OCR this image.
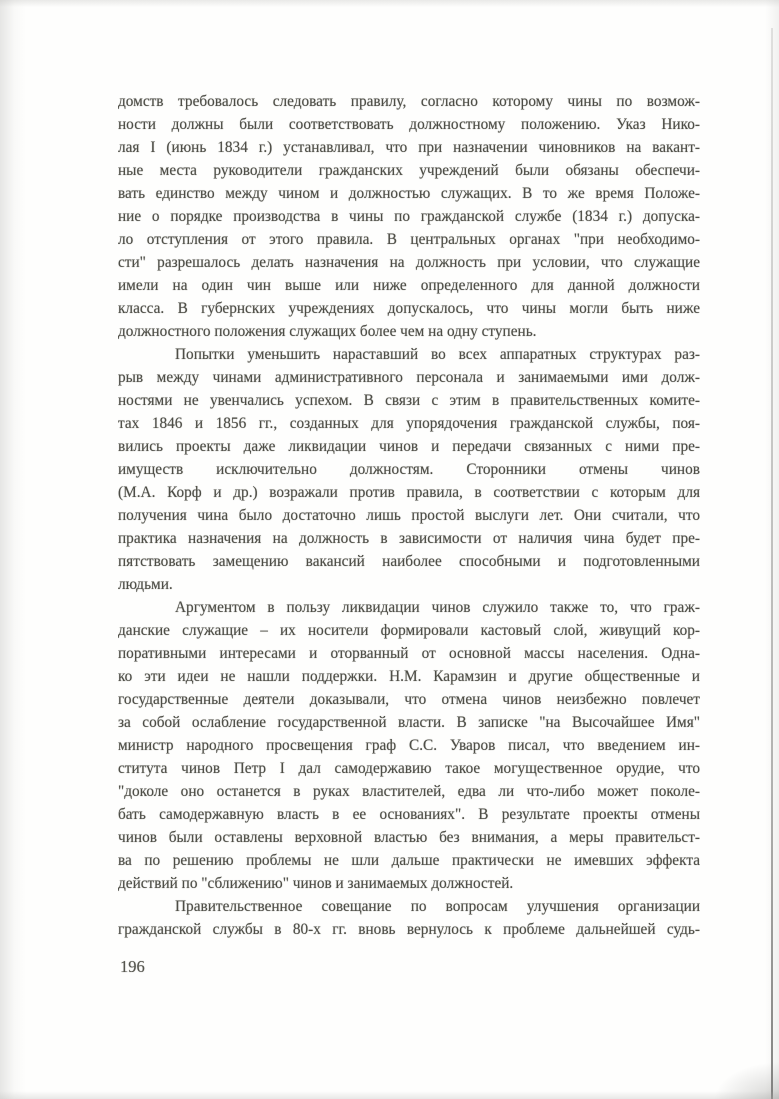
домств требовалось следовать правилу, согласно которому чины по возмож-
ности должны были соответствовать должностному положению. Указ Нико-
лая I (июнь 1834 г.) устанавливал, что при назначении чиновников на вакант-
ные места руководители гражданских учреждений были обязаны обеспечи-
вать единство между чином и должностью служащих. В то же время Положе-
ние о порядке производства в чины по гражданской службе (1834 г.) допуска-
ло отступления от этого правила. В центральных органах "при необходимо-
сти" разрешалось делать назначения на должность при условии, что служащие
имели на один чин выше или ниже определенного для данной должности
класса. В губернских учреждениях допускалось, что чины могли быть ниже
должностного положения служащих более чем на одну ступень.
Попытки уменьшить нараставший во всех аппаратных структурах раз-
рыв между чинами административного персонала и занимаемыми ими долж-
ностями не увенчались успехом. В связи с этим в правительственных комите-
тах 1846 и 1856 гг., созданных для упорядочения гражданской службы, поя-
вились проекты даже ликвидации чинов и передачи связанных с ними пре-
имуществ исключительно должностям. Сторонники отмены чинов
(М.А. Корф и др.) возражали против правила, в соответствии с которым для
получения чина было достаточно лишь простой выслуги лет. Они считали, что
практика назначения на должность в зависимости от наличия чина будет пре-
пятствовать замещению вакансий наиболее способными и подготовленными
людьми.
Аргументом в пользу ликвидации чинов служило также то, что граж-
данские служащие – их носители формировали кастовый слой, живущий кор-
поративными интересами и оторванный от основной массы населения. Одна-
ко эти идеи не нашли поддержки. Н.М. Карамзин и другие общественные и
государственные деятели доказывали, что отмена чинов неизбежно повлечет
за собой ослабление государственной власти. В записке "на Высочайшее Имя"
министр народного просвещения граф С.С. Уваров писал, что введением ин-
ститута чинов Петр I дал самодержавию такое могущественное орудие, что
"доколе оно останется в руках властителей, едва ли что-либо может поколе-
бать самодержавную власть в ее основаниях". В результате проекты отмены
чинов были оставлены верховной властью без внимания, а меры правительст-
ва по решению проблемы не шли дальше практически не имевших эффекта
действий по "сближению" чинов и занимаемых должностей.
Правительственное совещание по вопросам улучшения организации
гражданской службы в 80-х гг. вновь вернулось к проблеме дальнейшей судь-
196
